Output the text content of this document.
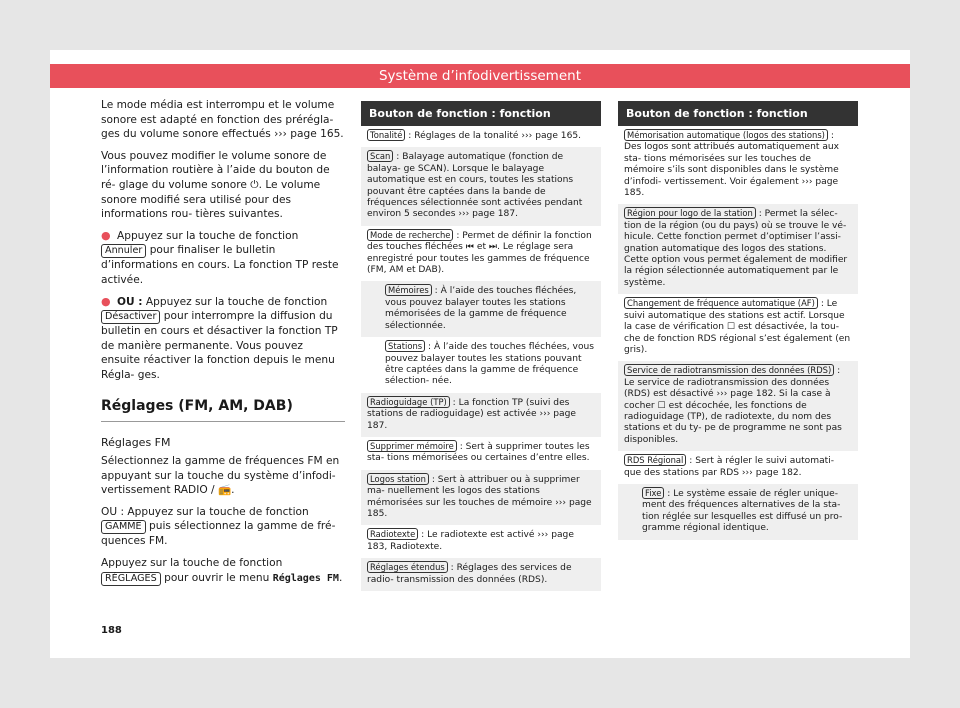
Système d’infodivertissement

Le mode média est interrompu et le volume sonore est adapté en fonction des prérégla- ges du volume sonore effectués ››› page 165.

Vous pouvez modifier le volume sonore de l’information routière à l’aide du bouton de ré- glage du volume sonore ⏻. Le volume sonore modifié sera utilisé pour des informations rou- tières suivantes.

● Appuyez sur la touche de fonction Annuler pour finaliser le bulletin d’informations en cours. La fonction TP reste activée.

● OU : Appuyez sur la touche de fonction Désactiver pour interrompre la diffusion du bulletin en cours et désactiver la fonction TP de manière permanente. Vous pouvez ensuite réactiver la fonction depuis le menu Régla- ges.

Réglages (FM, AM, DAB)
Réglages FM

Sélectionnez la gamme de fréquences FM en appuyant sur la touche du système d’infodi- vertissement RADIO / 📻.

OU : Appuyez sur la touche de fonction GAMME puis sélectionnez la gamme de fré- quences FM.

Appuyez sur la touche de fonction RÉGLAGES pour ouvrir le menu Réglages FM.

Bouton de fonction : fonction
Tonalité : Réglages de la tonalité ››› page 165.
Scan : Balayage automatique (fonction de balaya- ge SCAN). Lorsque le balayage automatique est en cours, toutes les stations pouvant être captées dans la bande de fréquences sélectionnée sont activées pendant environ 5 secondes ››› page 187.
Mode de recherche : Permet de définir la fonction des touches fléchées ⏮ et ⏭. Le réglage sera enregistré pour toutes les gammes de fréquence (FM, AM et DAB).
Mémoires : À l’aide des touches fléchées, vous pouvez balayer toutes les stations mémorisées de la gamme de fréquence sélectionnée.
Stations : À l’aide des touches fléchées, vous pouvez balayer toutes les stations pouvant être captées dans la gamme de fréquence sélection- née.
Radioguidage (TP) : La fonction TP (suivi des stations de radioguidage) est activée ››› page 187.
Supprimer mémoire : Sert à supprimer toutes les sta- tions mémorisées ou certaines d’entre elles.
Logos station : Sert à attribuer ou à supprimer ma- nuellement les logos des stations mémorisées sur les touches de mémoire ››› page 185.
Radiotexte : Le radiotexte est activé ››› page 183, Radiotexte.
Réglages étendus : Réglages des services de radio- transmission des données (RDS).
Bouton de fonction : fonction
Mémorisation automatique (logos des stations) : Des logos sont attribués automatiquement aux sta- tions mémorisées sur les touches de mémoire s’ils sont disponibles dans le système d’infodi- vertissement. Voir également ››› page 185.
Région pour logo de la station : Permet la sélec- tion de la région (ou du pays) où se trouve le vé- hicule. Cette fonction permet d’optimiser l’assi- gnation automatique des logos des stations. Cette option vous permet également de modifier la région sélectionnée automatiquement par le système.
Changement de fréquence automatique (AF) : Le suivi automatique des stations est actif. Lorsque la case de vérification ☐ est désactivée, la tou- che de fonction RDS régional s’est également (en gris).
Service de radiotransmission des données (RDS) : Le service de radiotransmission des données (RDS) est désactivé ››› page 182. Si la case à cocher ☐ est décochée, les fonctions de radioguidage (TP), de radiotexte, du nom des stations et du ty- pe de programme ne sont pas disponibles.
RDS Régional : Sert à régler le suivi automati- que des stations par RDS ››› page 182.
Fixe : Le système essaie de régler unique- ment des fréquences alternatives de la sta- tion réglée sur lesquelles est diffusé un pro- gramme régional identique.
188
